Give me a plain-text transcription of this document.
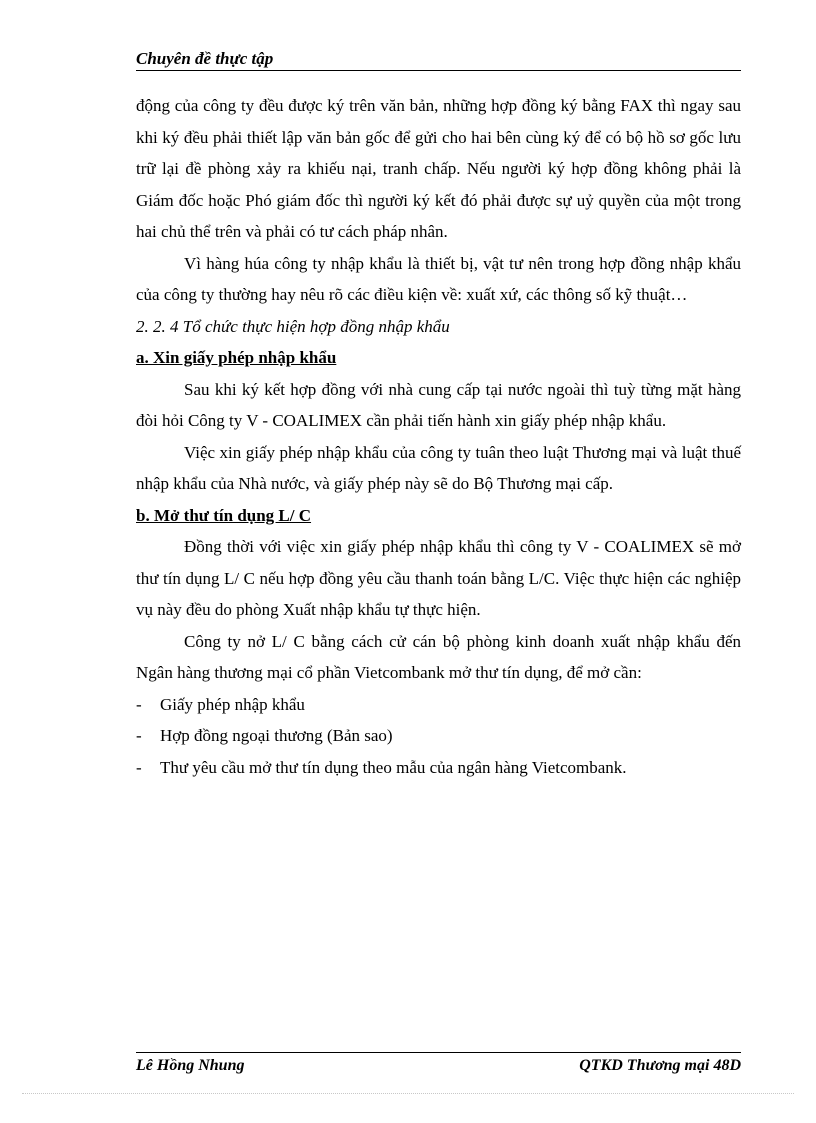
Chuyên đề thực tập

động của công ty đều được ký trên văn bản, những hợp đồng ký bằng FAX thì ngay sau khi ký đều phải thiết lập văn bản gốc để gửi cho hai bên cùng ký để có bộ hồ sơ gốc lưu trữ lại đề phòng xảy ra khiếu nại, tranh chấp. Nếu người ký hợp đồng không phải là Giám đốc hoặc Phó giám đốc thì người ký kết đó phải được sự uỷ quyền của một trong hai chủ thể trên và phải có tư cách pháp nhân.

Vì hàng húa công ty nhập khẩu là thiết bị, vật tư nên trong hợp đồng nhập khẩu của công ty thường hay nêu rõ các điều kiện về: xuất xứ, các thông số kỹ thuật…

2. 2. 4 Tổ chức thực hiện hợp đồng nhập khẩu

a. Xin giấy phép nhập khẩu

Sau khi ký kết hợp đồng với nhà cung cấp tại nước ngoài thì tuỳ từng mặt hàng đòi hỏi Công ty V - COALIMEX cần phải tiến hành xin giấy phép nhập khẩu.

Việc xin giấy phép nhập khẩu của công ty tuân theo luật Thương mại và luật thuế nhập khẩu của Nhà nước, và giấy phép này sẽ do Bộ Thương mại cấp.

b. Mở thư tín dụng L/ C

Đồng thời với việc xin giấy phép nhập khẩu thì công ty V - COALIMEX sẽ mở thư tín dụng L/ C nếu hợp đồng yêu cầu thanh toán bằng L/C. Việc thực hiện các nghiệp vụ này đều do phòng Xuất nhập khẩu tự thực hiện.

Công ty nở L/ C bằng cách cử cán bộ phòng kinh doanh xuất nhập khẩu đến Ngân hàng thương mại cổ phần Vietcombank mở thư tín dụng, để mở cần:

- Giấy phép nhập khẩu
- Hợp đồng ngoại thương (Bản sao)
- Thư yêu cầu mở thư tín dụng theo mẫu của ngân hàng Vietcombank.
Lê Hồng Nhung	QTKD Thương mại 48D
